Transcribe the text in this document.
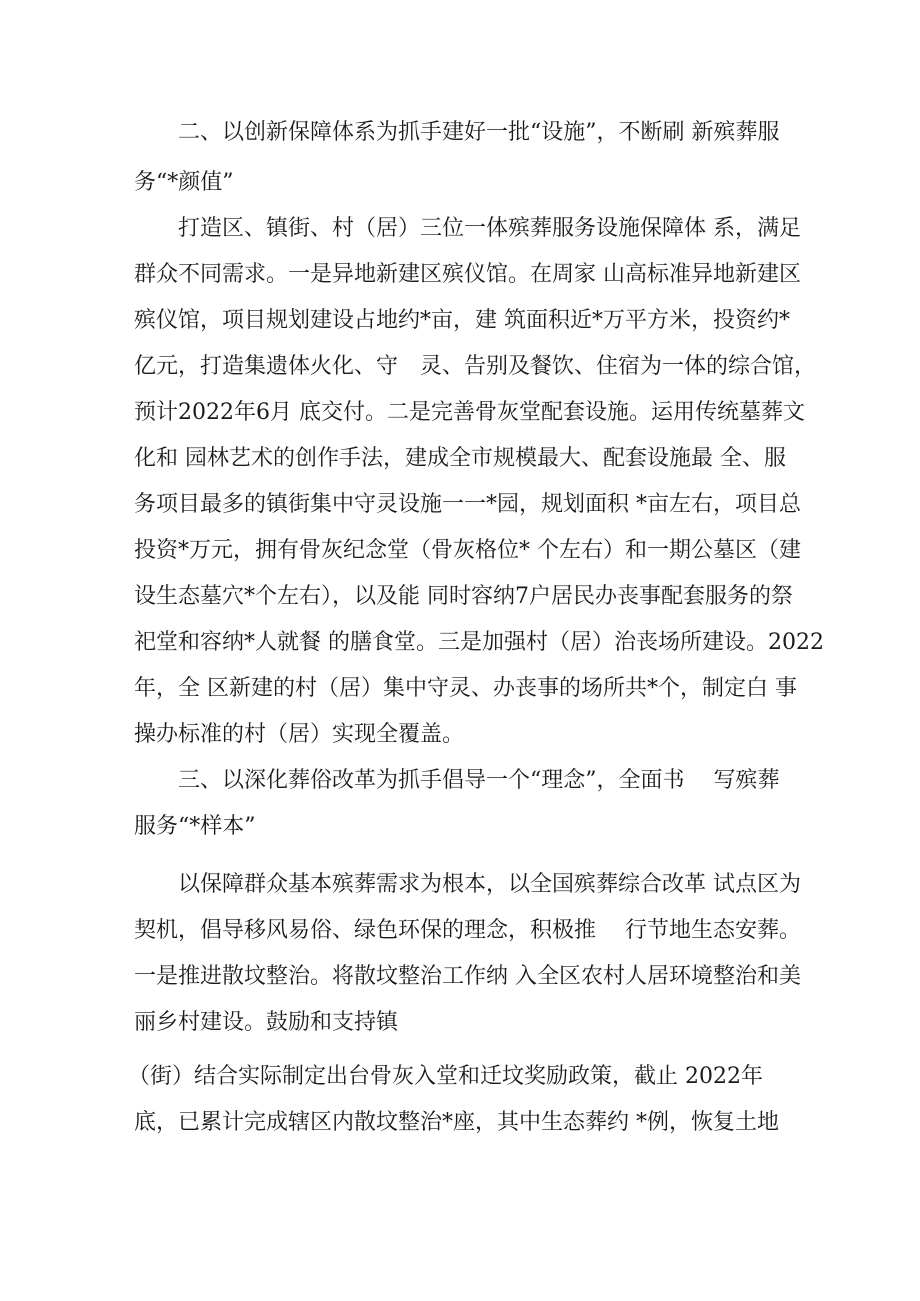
二、以创新保障体系为抓手建好一批“设施”，不断刷 新殡葬服
务“*颜值”
打造区、镇街、村（居）三位一体殡葬服务设施保障体 系，满足
群众不同需求。一是异地新建区殡仪馆。在周家 山高标准异地新建区
殡仪馆，项目规划建设占地约*亩，建 筑面积近*万平方米，投资约*
亿元，打造集遗体火化、守　灵、告别及餐饮、住宿为一体的综合馆，
预计2022年6月 底交付。二是完善骨灰堂配套设施。运用传统墓葬文
化和 园林艺术的创作手法，建成全市规模最大、配套设施最 全、服
务项目最多的镇街集中守灵设施一一*园，规划面积 *亩左右，项目总
投资*万元，拥有骨灰纪念堂（骨灰格位* 个左右）和一期公墓区（建
设生态墓穴*个左右），以及能 同时容纳7户居民办丧事配套服务的祭
祀堂和容纳*人就餐 的膳食堂。三是加强村（居）治丧场所建设。2022
年，全 区新建的村（居）集中守灵、办丧事的场所共*个，制定白 事
操办标准的村（居）实现全覆盖。
三、以深化葬俗改革为抓手倡导一个“理念”，全面书　 写殡葬
服务“*样本”
以保障群众基本殡葬需求为根本，以全国殡葬综合改革 试点区为
契机，倡导移风易俗、绿色环保的理念，积极推　 行节地生态安葬。
一是推进散坟整治。将散坟整治工作纳 入全区农村人居环境整治和美
丽乡村建设。鼓励和支持镇
（街）结合实际制定出台骨灰入堂和迁坟奖励政策，截止 2022年
底，已累计完成辖区内散坟整治*座，其中生态葬约 *例，恢复土地
